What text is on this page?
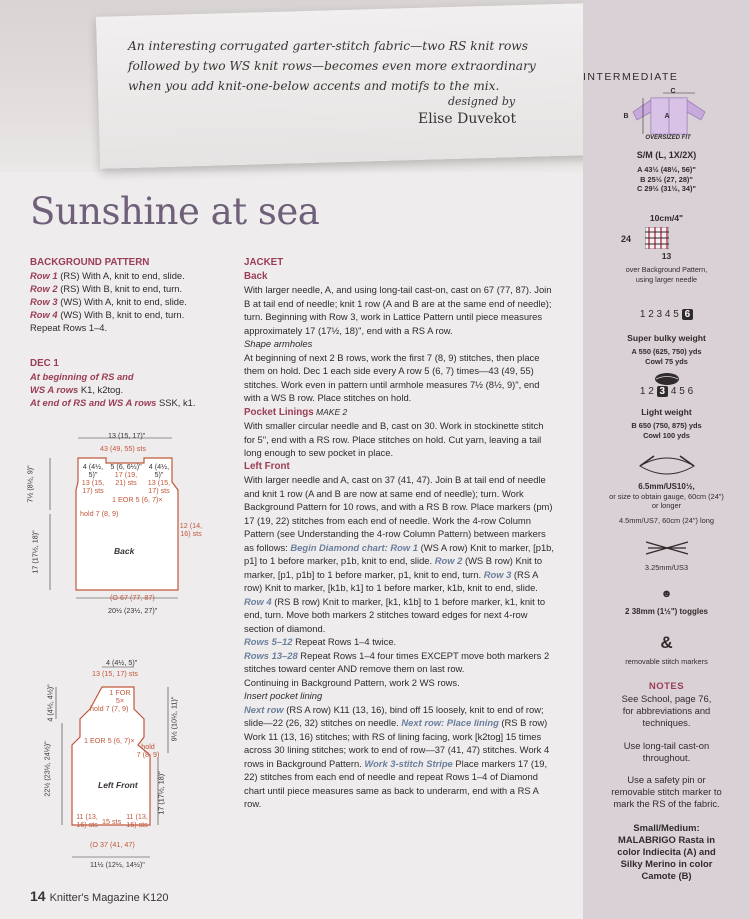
An interesting corrugated garter-stitch fabric—two RS knit rows
followed by two WS knit rows—becomes even more extraordinary
when you add knit-one-below accents and motifs to the mix.
designed by
Elise Duvekot
Sunshine at sea
BACKGROUND PATTERN
Row 1 (RS) With A, knit to end, slide.
Row 2 (RS) With B, knit to end, turn.
Row 3 (WS) With A, knit to end, slide.
Row 4 (WS) With B, knit to end, turn.
Repeat Rows 1–4.
DEC 1
At beginning of RS and
WS A rows K1, k2tog.
At end of RS and WS A rows SSK, k1.
13 (15, 17)"
43 (49, 55) sts
4 (4½, 5)"
13 (15,
17) sts
5 (6, 6½)"
17 (19,
21) sts
4 (4½, 5)"
13 (15,
17) sts
7½ (8½, 9)"	1 EOR 5 (6, 7)×
hold 7 (8, 9)
12 (14,
16) sts
17 (17½, 18)"	Back
(O 67 (77, 87)
20½ (23½, 27)"
4 (4½, 5)"
13 (15, 17) sts
1 FOR
5×
hold 7 (7, 9)
4 (4½, 4½)"	9½ (10½, 11)"
1 EOR 5 (6, 7)×
hold
7 (8, 9)
22½ (23½, 24½)"	17 (17½, 18)"
Left Front
11 (13,
16) sts 15 sts
11 (13,
16) sts
(O 37 (41, 47)
11½ (12½, 14½)"
JACKET
Back

With larger needle, A, and using long-tail cast-on, cast on 67 (77, 87). Join B at tail end of needle; knit 1 row (A and B are at the same end of needle); turn. Beginning with Row 3, work in Lattice Pattern until piece measures approximately 17 (17½, 18)", end with a RS A row.

Shape armholes

At beginning of next 2 B rows, work the first 7 (8, 9) stitches, then place them on hold. Dec 1 each side every A row 5 (6, 7) times—43 (49, 55) stitches. Work even in pattern until armhole measures 7½ (8½, 9)", end with a WS B row. Place stitches on hold.

Pocket Linings MAKE 2

With smaller circular needle and B, cast on 30. Work in stockinette stitch for 5", end with a RS row. Place stitches on hold. Cut yarn, leaving a tail long enough to sew pocket in place.

Left Front

With larger needle and A, cast on 37 (41, 47). Join B at tail end of needle and knit 1 row (A and B are now at same end of needle); turn. Work Background Pattern for 10 rows, and with a RS B row. Place markers (pm) 17 (19, 22) stitches from each end of needle. Work the 4-row Column Pattern (see Understanding the 4-row Column Pattern) between markers as follows: Begin Diamond chart: Row 1 (WS A row) Knit to marker, [p1b, p1] to 1 before marker, p1b, knit to end, slide. Row 2 (WS B row) Knit to marker, [p1, p1b] to 1 before marker, p1, knit to end, turn. Row 3 (RS A row) Knit to marker, [k1b, k1] to 1 before marker, k1b, knit to end, slide. Row 4 (RS B row) Knit to marker, [k1, k1b] to 1 before marker, k1, knit to end, turn. Move both markers 2 stitches toward edges for next 4-row section of diamond.

Rows 5–12 Repeat Rows 1–4 twice.

Rows 13–28 Repeat Rows 1–4 four times EXCEPT move both markers 2 stitches toward center AND remove them on last row.

Continuing in Background Pattern, work 2 WS rows.

Insert pocket lining

Next row (RS A row) K11 (13, 16), bind off 15 loosely, knit to end of row; slide—22 (26, 32) stitches on needle. Next row: Place lining (RS B row) Work 11 (13, 16) stitches; with RS of lining facing, work [k2tog] 15 times across 30 lining stitches; work to end of row—37 (41, 47) stitches. Work 4 rows in Background Pattern. Work 3-stitch Stripe Place markers 17 (19, 22) stitches from each end of needle and repeat Rows 1–4 of Diamond chart until piece measures same as back to underarm, end with a RS A row.

14 Knitter's Magazine K120
INTERMEDIATE
C
B	A
OVERSIZED FIT
S/M (L, 1X/2X)
A 43½ (48½, 56)"
B 25½ (27, 28)"
C 29½ (31½, 34)"
10cm/4"
24
13
over Background Pattern,
using larger needle
1 2 3 4 5 6
Super bulky weight
A 550 (625, 750) yds
Cowl 75 yds
1 2 3 4 5 6
Light weight
B 650 (750, 875) yds
Cowl 100 yds
6.5mm/US10½,
or size to obtain gauge, 60cm (24")
or longer
4.5mm/US7, 60cm (24") long
3.25mm/US3
☻
2 38mm (1½") toggles
&
removable stitch markers
NOTES
See School, page 76,
for abbreviations and
techniques.
Use long-tail cast-on
throughout.
Use a safety pin or
removable stitch marker to
mark the RS of the fabric.
Small/Medium:
MALABRIGO Rasta in
color Indiecita (A) and
Silky Merino in color
Camote (B)
